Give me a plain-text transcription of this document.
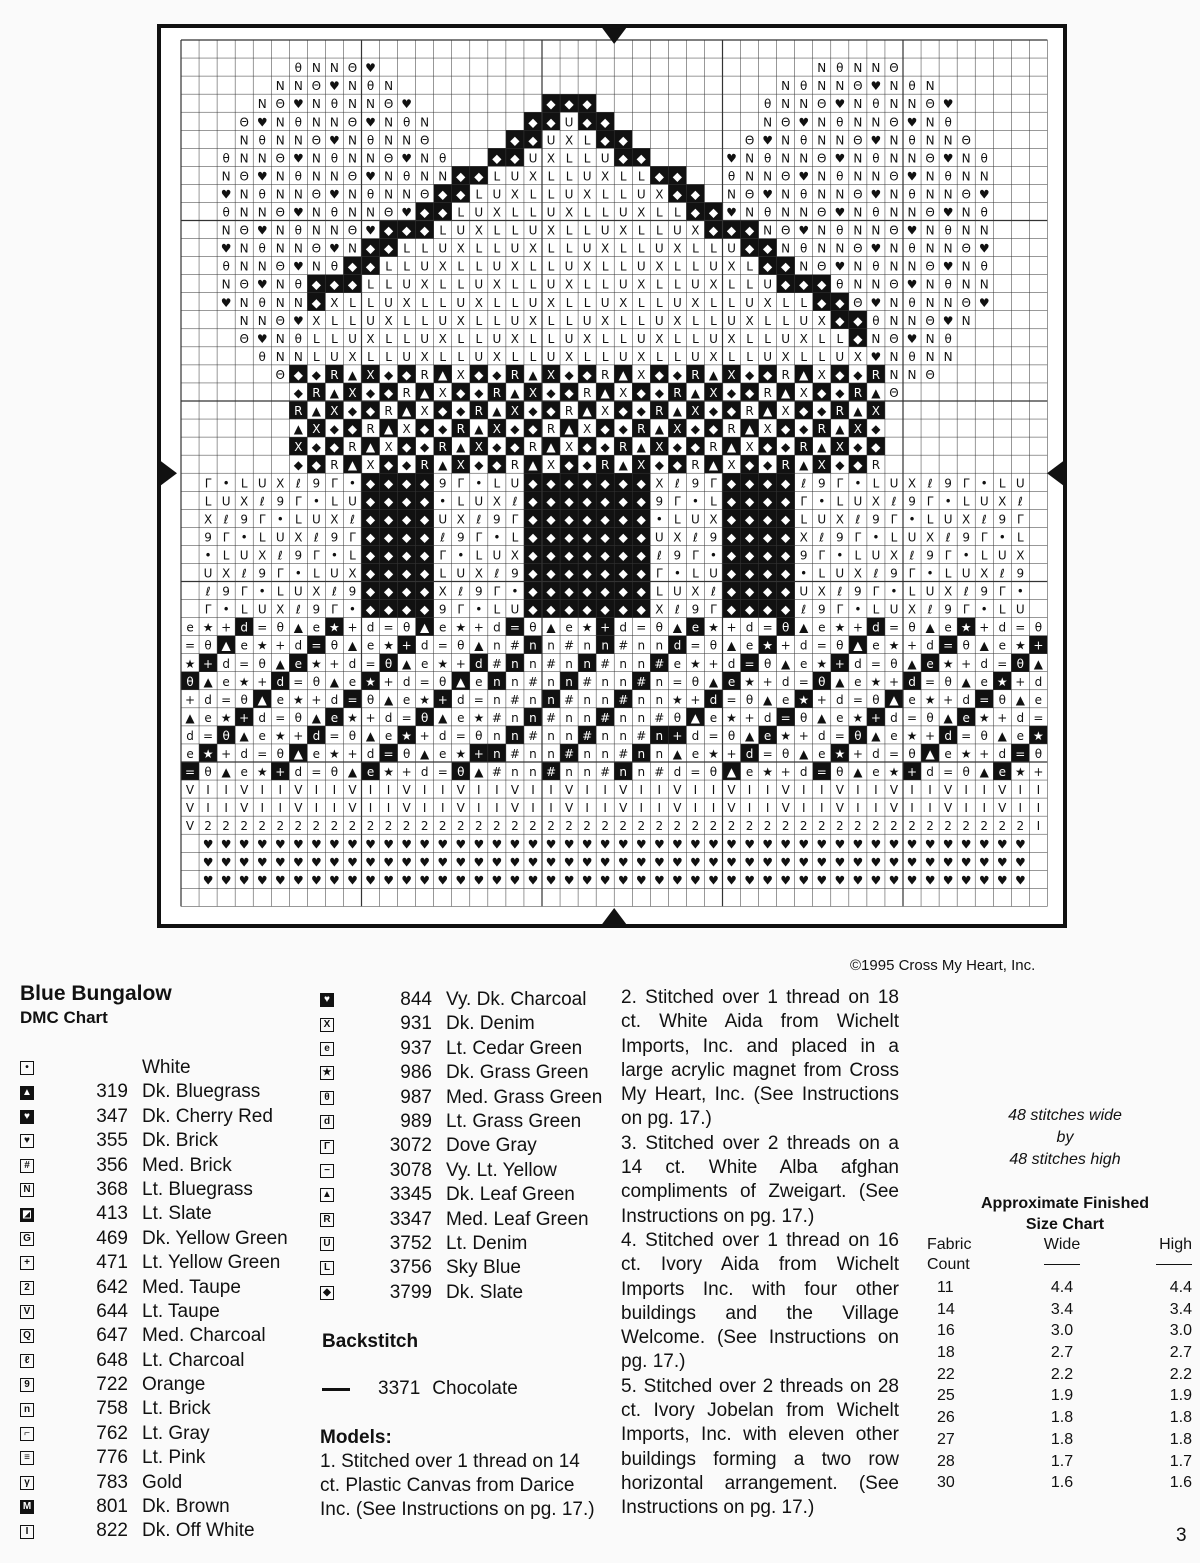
θ N Ν Θ ♥	Ν θ N Ν Θ
N Ν Θ ♥ Ν θ N	Ν θ N Ν Θ ♥ Ν θ N
Ν Θ ♥ Ν θ N Ν Θ ♥	◆ ◆ ◆	θ N Ν Θ ♥ Ν θ N Ν Θ ♥
Θ ♥ Ν θ N Ν Θ ♥ Ν θ N	◆ ◆ U ◆ ◆	Ν Θ ♥ Ν θ N Ν Θ ♥ Ν θ
Ν θ N Ν Θ ♥ Ν θ N Ν Θ	◆ ◆ U X L ◆ ◆	Θ ♥ Ν θ N Ν Θ ♥ Ν θ N Ν Θ
θ N Ν Θ ♥ Ν θ N Ν Θ ♥ Ν θ	◆ ◆ U X L L U ◆ ◆	♥ Ν θ N Ν Θ ♥ Ν θ N Ν Θ ♥ Ν θ
Ν Θ ♥ Ν θ N Ν Θ ♥ Ν θ N Ν ◆ ◆ L U X L L U X L L ◆ ◆	θ N Ν Θ ♥ Ν θ N Ν Θ ♥ Ν θ N Ν
♥ Ν θ N Ν Θ ♥ Ν θ N Ν Θ ◆ ◆ L U X L L U X L L U X ◆ ◆ Ν Θ ♥ Ν θ N Ν Θ ♥ Ν θ N Ν Θ ♥
θ N Ν Θ ♥ Ν θ N Ν Θ ♥ ◆ ◆ L U X L L U X L L U X L L ◆ ◆ ♥ Ν θ N Ν Θ ♥ Ν θ N Ν Θ ♥ Ν θ
Ν Θ ♥ Ν θ N Ν Θ ♥ ◆ ◆ ◆ L U X L L U X L L U X L L U X ◆ ◆ ◆ Ν Θ ♥ Ν θ N Ν Θ ♥ Ν θ N Ν
♥ Ν θ N Ν Θ ♥ Ν ◆ ◆ L L U X L L U X L L U X L L U X L L U ◆ ◆ Ν θ N Ν Θ ♥ Ν θ N Ν Θ ♥
θ N Ν Θ ♥ Ν θ ◆ ◆ L L U X L L U X L L U X L L U X L L U X L ◆ ◆ Ν Θ ♥ Ν θ N Ν Θ ♥ Ν θ
Ν Θ ♥ Ν θ ◆ ◆ ◆ L L U X L L U X L L U X L L U X L L U X L L U ◆ ◆ ◆ θ N Ν Θ ♥ Ν θ N Ν
♥ Ν θ N Ν ◆ X L L U X L L U X L L U X L L U X L L U X L L U X L L ◆ ◆ Θ ♥ Ν θ N Ν Θ ♥
N Ν Θ ♥ X L L U X L L U X L L U X L L U X L L U X L L U X L L U X ◆ ◆ θ N Ν Θ ♥ Ν
Θ ♥ Ν θ L L U X L L U X L L U X L L U X L L U X L L U X L L U X L L ◆ Ν Θ ♥ Ν θ
θ N Ν L U X L L U X L L U X L L U X L L U X L L U X L L U X L L U X ♥ Ν θ N Ν
Θ ◆ ◆ R ▲ X ◆ ◆ R ▲ X ◆ ◆ R ▲ X ◆ ◆ R ▲ X ◆ ◆ R ▲ X ◆ ◆ R ▲ X ◆ ◆ R N Ν Θ
◆ R ▲ X ◆ ◆ R ▲ X ◆ ◆ R ▲ X ◆ ◆ R ▲ X ◆ ◆ R ▲ X ◆ ◆ R ▲ X ◆ ◆ R ▲ Θ
R ▲ X ◆ ◆ R ▲ X ◆ ◆ R ▲ X ◆ ◆ R ▲ X ◆ ◆ R ▲ X ◆ ◆ R ▲ X ◆ ◆ R ▲ X
▲ X ◆ ◆ R ▲ X ◆ ◆ R ▲ X ◆ ◆ R ▲ X ◆ ◆ R ▲ X ◆ ◆ R ▲ X ◆ ◆ R ▲ X ◆
X ◆ ◆ R ▲ X ◆ ◆ R ▲ X ◆ ◆ R ▲ X ◆ ◆ R ▲ X ◆ ◆ R ▲ X ◆ ◆ R ▲ X ◆ ◆
◆ ◆ R ▲ X ◆ ◆ R ▲ X ◆ ◆ R ▲ X ◆ ◆ R ▲ X ◆ ◆ R ▲ X ◆ ◆ R ▲ X ◆ ◆ R
Γ • L U X ℓ 9 Γ • ◆ ◆ ◆ ◆ 9 Γ • L U ◆ ◆ ◆ ◆ ◆ ◆ ◆ X ℓ 9 Γ ◆ ◆ ◆ ◆ ℓ 9 Γ • L U X ℓ 9 Γ • L U
L U X ℓ 9 Γ • L U ◆ ◆ ◆ ◆ • L U X ℓ ◆ ◆ ◆ ◆ ◆ ◆ ◆ 9 Γ • L ◆ ◆ ◆ ◆ Γ • L U X ℓ 9 Γ • L U X ℓ
X ℓ 9 Γ • L U X ℓ ◆ ◆ ◆ ◆ U X ℓ 9 Γ ◆ ◆ ◆ ◆ ◆ ◆ ◆ • L U X ◆ ◆ ◆ ◆ L U X ℓ 9 Γ • L U X ℓ 9 Γ
9 Γ • L U X ℓ 9 Γ ◆ ◆ ◆ ◆ ℓ 9 Γ • L ◆ ◆ ◆ ◆ ◆ ◆ ◆ U X ℓ 9 ◆ ◆ ◆ ◆ X ℓ 9 Γ • L U X ℓ 9 Γ • L
• L U X ℓ 9 Γ • L ◆ ◆ ◆ ◆ Γ • L U X ◆ ◆ ◆ ◆ ◆ ◆ ◆ ℓ 9 Γ • ◆ ◆ ◆ ◆ 9 Γ • L U X ℓ 9 Γ • L U X
U X ℓ 9 Γ • L U X ◆ ◆ ◆ ◆ L U X ℓ 9 ◆ ◆ ◆ ◆ ◆ ◆ ◆ Γ • L U ◆ ◆ ◆ ◆ • L U X ℓ 9 Γ • L U X ℓ 9
ℓ 9 Γ • L U X ℓ 9 ◆ ◆ ◆ ◆ X ℓ 9 Γ • ◆ ◆ ◆ ◆ ◆ ◆ ◆ L U X ℓ ◆ ◆ ◆ ◆ U X ℓ 9 Γ • L U X ℓ 9 Γ •
Γ • L U X ℓ 9 Γ • ◆ ◆ ◆ ◆ 9 Γ • L U ◆ ◆ ◆ ◆ ◆ ◆ ◆ X ℓ 9 Γ ◆ ◆ ◆ ◆ ℓ 9 Γ • L U X ℓ 9 Γ • L U
e ★ + d = θ ▲ e ★ + d = θ ▲ e ★ + d = θ ▲ e ★ + d = θ ▲ e ★ + d = θ ▲ e ★ + d = θ ▲ e ★ + d = θ
= θ ▲ e ★ + d = θ ▲ e ★ + d = θ ▲ n # n n # n n # n n d = θ ▲ e ★ + d = θ ▲ e ★ + d = θ ▲ e ★ +
★ + d = θ ▲ e ★ + d = θ ▲ e ★ + d # n n # n n # n n # e ★ + d = θ ▲ e ★ + d = θ ▲ e ★ + d = θ ▲
θ ▲ e ★ + d = θ ▲ e ★ + d = θ ▲ e n n # n n # n n # n = θ ▲ e ★ + d = θ ▲ e ★ + d = θ ▲ e ★ + d
+ d = θ ▲ e ★ + d = θ ▲ e ★ + d = n # n n # n n # n n ★ + d = θ ▲ e ★ + d = θ ▲ e ★ + d = θ ▲ e
▲ e ★ + d = θ ▲ e ★ + d = θ ▲ e ★ # n n # n n # n n # θ ▲ e ★ + d = θ ▲ e ★ + d = θ ▲ e ★ + d =
d = θ ▲ e ★ + d = θ ▲ e ★ + d = θ n n # n n # n n # n + d = θ ▲ e ★ + d = θ ▲ e ★ + d = θ ▲ e ★
e ★ + d = θ ▲ e ★ + d = θ ▲ e ★ + n # n n # n n # n n ▲ e ★ + d = θ ▲ e ★ + d = θ ▲ e ★ + d = θ
= θ ▲ e ★ + d = θ ▲ e ★ + d = θ ▲ # n n # n n # n n # d = θ ▲ e ★ + d = θ ▲ e ★ + d = θ ▲ e ★ +
V I I V I I V I I V I I V I I V I I V I I V I I V I I V I I V I I V I I V I I V I I V I I V I I
V I I V I I V I I V I I V I I V I I V I I V I I V I I V I I V I I V I I V I I V I I V I I V I I
V 2 2 2 2 2 2 2 2 2 2 2 2 2 2 2 2 2 2 2 2 2 2 2 2 2 2 2 2 2 2 2 2 2 2 2 2 2 2 2 2 2 2 2 2 2 2 I
♥ ♥ ♥ ♥ ♥ ♥ ♥ ♥ ♥ ♥ ♥ ♥ ♥ ♥ ♥ ♥ ♥ ♥ ♥ ♥ ♥ ♥ ♥ ♥ ♥ ♥ ♥ ♥ ♥ ♥ ♥ ♥ ♥ ♥ ♥ ♥ ♥ ♥ ♥ ♥ ♥ ♥ ♥ ♥ ♥ ♥
♥ ♥ ♥ ♥ ♥ ♥ ♥ ♥ ♥ ♥ ♥ ♥ ♥ ♥ ♥ ♥ ♥ ♥ ♥ ♥ ♥ ♥ ♥ ♥ ♥ ♥ ♥ ♥ ♥ ♥ ♥ ♥ ♥ ♥ ♥ ♥ ♥ ♥ ♥ ♥ ♥ ♥ ♥ ♥ ♥ ♥
♥ ♥ ♥ ♥ ♥ ♥ ♥ ♥ ♥ ♥ ♥ ♥ ♥ ♥ ♥ ♥ ♥ ♥ ♥ ♥ ♥ ♥ ♥ ♥ ♥ ♥ ♥ ♥ ♥ ♥ ♥ ♥ ♥ ♥ ♥ ♥ ♥ ♥ ♥ ♥ ♥ ♥ ♥ ♥ ♥ ♥
©1995 Cross My Heart, Inc.
Blue Bungalow
DMC Chart
•	White
▲	319 Dk. Bluegrass
♥	347 Dk. Cherry Red
♥	355 Dk. Brick
#	356 Med. Brick
N	368 Lt. Bluegrass
◩	413 Lt. Slate
G	469 Dk. Yellow Green
+	471 Lt. Yellow Green
2	642 Med. Taupe
V	644 Lt. Taupe
Q	647 Med. Charcoal
ℓ	648 Lt. Charcoal
9	722 Orange
n	758 Lt. Brick
⌐	762 Lt. Gray
≡	776 Lt. Pink
γ	783 Gold
M	801 Dk. Brown
I	822 Dk. Off White
♥	844 Vy. Dk. Charcoal
X	931 Dk. Denim
e	937 Lt. Cedar Green
★	986 Dk. Grass Green
θ	987 Med. Grass Green
d	989 Lt. Grass Green
Γ	3072 Dove Gray
−	3078 Vy. Lt. Yellow
▲	3345 Dk. Leaf Green
R	3347 Med. Leaf Green
U	3752 Lt. Denim
L	3756 Sky Blue
◆	3799 Dk. Slate
Backstitch
3371 Chocolate
Models:

1. Stitched over 1 thread on 14 ct. Plastic Canvas from Darice Inc. (See Instructions on pg. 17.)

2. Stitched over 1 thread on 18 ct. White Aida from Wichelt Imports, Inc. and placed in a large acrylic magnet from Cross My Heart, Inc. (See Instructions on pg. 17.)

3. Stitched over 2 threads on a 14 ct. White Alba afghan compliments of Zweigart. (See Instructions on pg. 17.)

4. Stitched over 1 thread on 16 ct. Ivory Aida from Wichelt Imports Inc. with four other buildings and the Village Welcome. (See Instructions on pg. 17.)

5. Stitched over 2 threads on 28 ct. Ivory Jobelan from Wichelt Imports, Inc. with eleven other buildings forming a two row horizontal arrangement. (See Instructions on pg. 17.)

48 stitches wide
by
48 stitches high
Approximate Finished
Size Chart
Fabric	Wide	High
Count
11	4.4	4.4
14	3.4	3.4
16	3.0	3.0
18	2.7	2.7
22	2.2	2.2
25	1.9	1.9
26	1.8	1.8
27	1.8	1.8
28	1.7	1.7
30	1.6	1.6
3
